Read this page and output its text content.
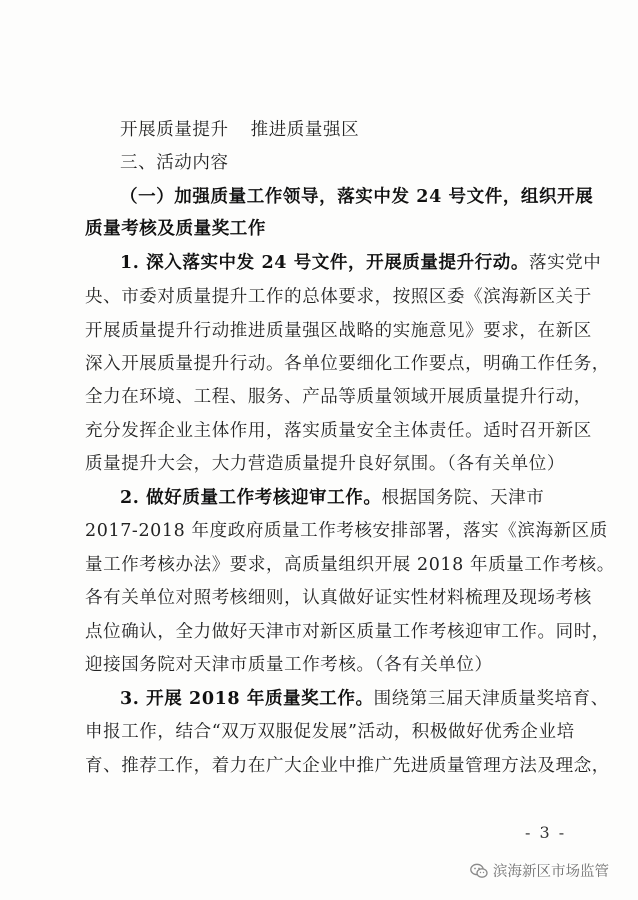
开展质量提升 推进质量强区
三、活动内容
（一）加强质量工作领导，落实中发 24 号文件，组织开展
质量考核及质量奖工作
1. 深入落实中发 24 号文件，开展质量提升行动。落实党中
央、市委对质量提升工作的总体要求，按照区委《滨海新区关于
开展质量提升行动推进质量强区战略的实施意见》要求，在新区
深入开展质量提升行动。各单位要细化工作要点，明确工作任务，
全力在环境、工程、服务、产品等质量领域开展质量提升行动，
充分发挥企业主体作用，落实质量安全主体责任。适时召开新区
质量提升大会，大力营造质量提升良好氛围。（各有关单位）
2. 做好质量工作考核迎审工作。根据国务院、天津市
2017-2018 年度政府质量工作考核安排部署，落实《滨海新区质
量工作考核办法》要求，高质量组织开展 2018 年质量工作考核。
各有关单位对照考核细则，认真做好证实性材料梳理及现场考核
点位确认，全力做好天津市对新区质量工作考核迎审工作。同时，
迎接国务院对天津市质量工作考核。（各有关单位）
3. 开展 2018 年质量奖工作。围绕第三届天津质量奖培育、
申报工作，结合“双万双服促发展”活动，积极做好优秀企业培
育、推荐工作，着力在广大企业中推广先进质量管理方法及理念，
- 3 -
滨海新区市场监管
